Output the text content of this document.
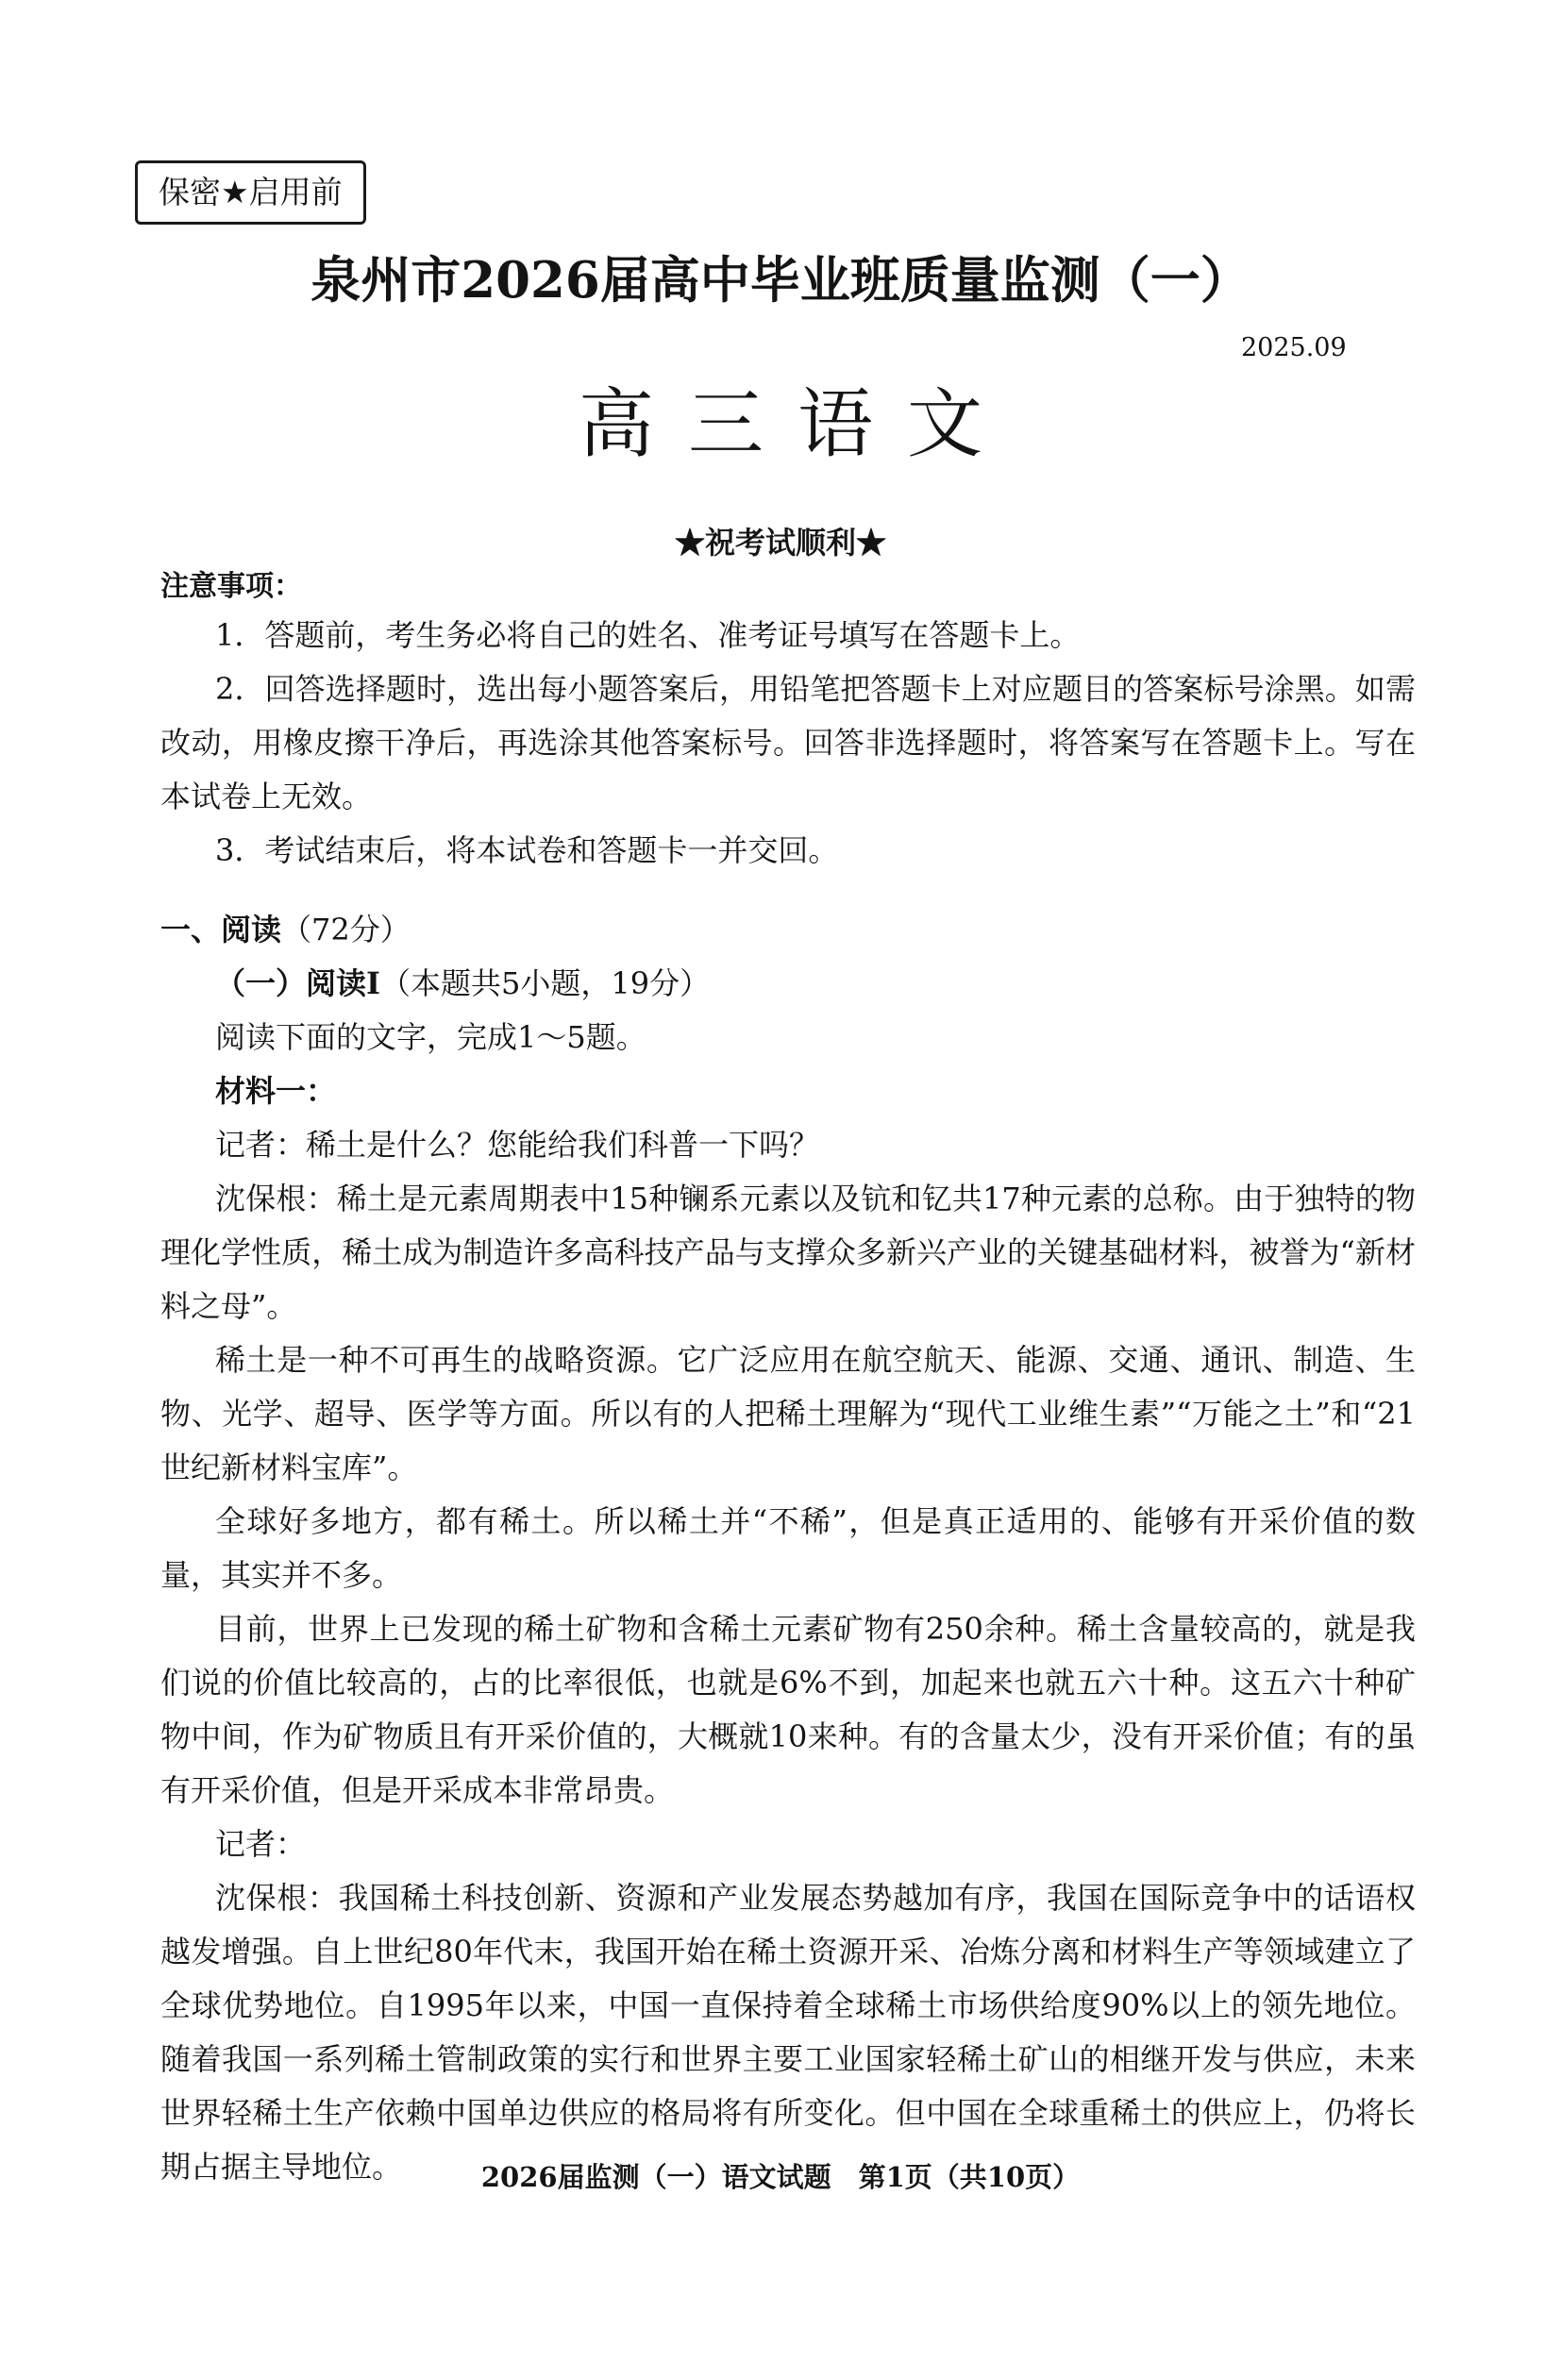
保密★启用前
泉州市2026届高中毕业班质量监测（一）
2025.09
高三语文
★祝考试顺利★
注意事项：

1．答题前，考生务必将自己的姓名、准考证号填写在答题卡上。

2．回答选择题时，选出每小题答案后，用铅笔把答题卡上对应题目的答案标号涂黑。如需改动，用橡皮擦干净后，再选涂其他答案标号。回答非选择题时，将答案写在答题卡上。写在本试卷上无效。

3．考试结束后，将本试卷和答题卡一并交回。

一、阅读（72分）

（一）阅读Ⅰ（本题共5小题，19分）

阅读下面的文字，完成1～5题。

材料一：

记者：稀土是什么？您能给我们科普一下吗？

沈保根：稀土是元素周期表中15种镧系元素以及钪和钇共17种元素的总称。由于独特的物理化学性质，稀土成为制造许多高科技产品与支撑众多新兴产业的关键基础材料，被誉为“新材料之母”。

稀土是一种不可再生的战略资源。它广泛应用在航空航天、能源、交通、通讯、制造、生物、光学、超导、医学等方面。所以有的人把稀土理解为“现代工业维生素”“万能之土”和“21世纪新材料宝库”。

全球好多地方，都有稀土。所以稀土并“不稀”，但是真正适用的、能够有开采价值的数量，其实并不多。

目前，世界上已发现的稀土矿物和含稀土元素矿物有250余种。稀土含量较高的，就是我们说的价值比较高的，占的比率很低，也就是6%不到，加起来也就五六十种。这五六十种矿物中间，作为矿物质且有开采价值的，大概就10来种。有的含量太少，没有开采价值；有的虽有开采价值，但是开采成本非常昂贵。

记者：

沈保根：我国稀土科技创新、资源和产业发展态势越加有序，我国在国际竞争中的话语权越发增强。自上世纪80年代末，我国开始在稀土资源开采、冶炼分离和材料生产等领域建立了全球优势地位。自1995年以来，中国一直保持着全球稀土市场供给度90%以上的领先地位。随着我国一系列稀土管制政策的实行和世界主要工业国家轻稀土矿山的相继开发与供应，未来世界轻稀土生产依赖中国单边供应的格局将有所变化。但中国在全球重稀土的供应上，仍将长期占据主导地位。	2026届监测（一）语文试题　第1页（共10页）
